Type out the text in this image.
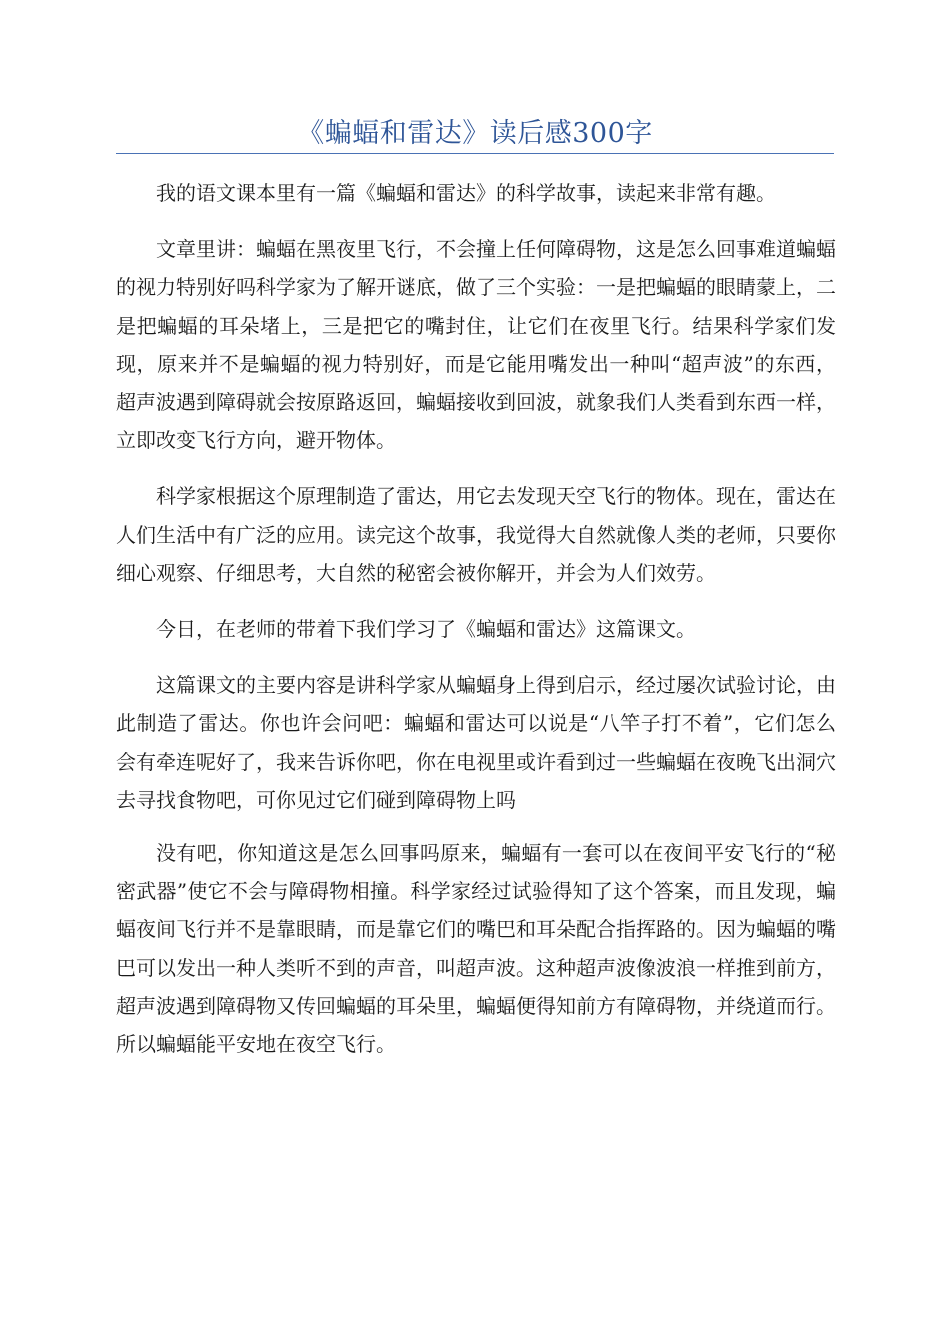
《蝙蝠和雷达》读后感300字

我的语文课本里有一篇《蝙蝠和雷达》的科学故事，读起来非常有趣。

文章里讲：蝙蝠在黑夜里飞行，不会撞上任何障碍物，这是怎么回事难道蝙蝠的视力特别好吗科学家为了解开谜底，做了三个实验：一是把蝙蝠的眼睛蒙上，二是把蝙蝠的耳朵堵上，三是把它的嘴封住，让它们在夜里飞行。结果科学家们发现，原来并不是蝙蝠的视力特别好，而是它能用嘴发出一种叫“超声波”的东西，超声波遇到障碍就会按原路返回，蝙蝠接收到回波，就象我们人类看到东西一样，立即改变飞行方向，避开物体。

科学家根据这个原理制造了雷达，用它去发现天空飞行的物体。现在，雷达在人们生活中有广泛的应用。读完这个故事，我觉得大自然就像人类的老师，只要你细心观察、仔细思考，大自然的秘密会被你解开，并会为人们效劳。

今日，在老师的带着下我们学习了《蝙蝠和雷达》这篇课文。

这篇课文的主要内容是讲科学家从蝙蝠身上得到启示，经过屡次试验讨论，由此制造了雷达。你也许会问吧：蝙蝠和雷达可以说是“八竿子打不着”，它们怎么会有牵连呢好了，我来告诉你吧，你在电视里或许看到过一些蝙蝠在夜晚飞出洞穴去寻找食物吧，可你见过它们碰到障碍物上吗

没有吧，你知道这是怎么回事吗原来，蝙蝠有一套可以在夜间平安飞行的“秘密武器”使它不会与障碍物相撞。科学家经过试验得知了这个答案，而且发现，蝙蝠夜间飞行并不是靠眼睛，而是靠它们的嘴巴和耳朵配合指挥路的。因为蝙蝠的嘴巴可以发出一种人类听不到的声音，叫超声波。这种超声波像波浪一样推到前方，超声波遇到障碍物又传回蝙蝠的耳朵里，蝙蝠便得知前方有障碍物，并绕道而行。所以蝙蝠能平安地在夜空飞行。
